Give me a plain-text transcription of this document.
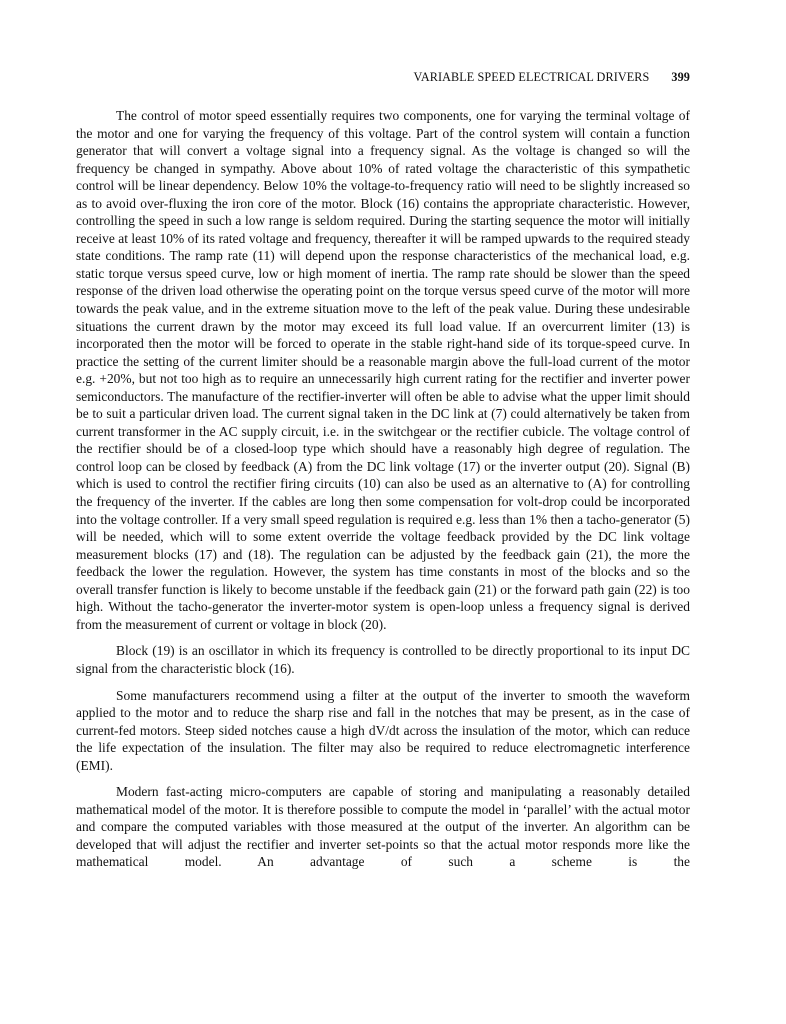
VARIABLE SPEED ELECTRICAL DRIVERS 399

The control of motor speed essentially requires two components, one for varying the terminal voltage of the motor and one for varying the frequency of this voltage. Part of the control system will contain a function generator that will convert a voltage signal into a frequency signal. As the voltage is changed so will the frequency be changed in sympathy. Above about 10% of rated voltage the characteristic of this sympathetic control will be linear dependency. Below 10% the voltage-to-frequency ratio will need to be slightly increased so as to avoid over-fluxing the iron core of the motor. Block (16) contains the appropriate characteristic. However, controlling the speed in such a low range is seldom required. During the starting sequence the motor will initially receive at least 10% of its rated voltage and frequency, thereafter it will be ramped upwards to the required steady state conditions. The ramp rate (11) will depend upon the response characteristics of the mechanical load, e.g. static torque versus speed curve, low or high moment of inertia. The ramp rate should be slower than the speed response of the driven load otherwise the operating point on the torque versus speed curve of the motor will more towards the peak value, and in the extreme situation move to the left of the peak value. During these undesirable situations the current drawn by the motor may exceed its full load value. If an overcurrent limiter (13) is incorporated then the motor will be forced to operate in the stable right-hand side of its torque-speed curve. In practice the setting of the current limiter should be a reasonable margin above the full-load current of the motor e.g. +20%, but not too high as to require an unnecessarily high current rating for the rectifier and inverter power semiconductors. The manufacture of the rectifier-inverter will often be able to advise what the upper limit should be to suit a particular driven load. The current signal taken in the DC link at (7) could alternatively be taken from current transformer in the AC supply circuit, i.e. in the switchgear or the rectifier cubicle. The voltage control of the rectifier should be of a closed-loop type which should have a reasonably high degree of regulation. The control loop can be closed by feedback (A) from the DC link voltage (17) or the inverter output (20). Signal (B) which is used to control the rectifier firing circuits (10) can also be used as an alternative to (A) for controlling the frequency of the inverter. If the cables are long then some compensation for volt-drop could be incorporated into the voltage controller. If a very small speed regulation is required e.g. less than 1% then a tacho-generator (5) will be needed, which will to some extent override the voltage feedback provided by the DC link voltage measurement blocks (17) and (18). The regulation can be adjusted by the feedback gain (21), the more the feedback the lower the regulation. However, the system has time constants in most of the blocks and so the overall transfer function is likely to become unstable if the feedback gain (21) or the forward path gain (22) is too high. Without the tacho-generator the inverter-motor system is open-loop unless a frequency signal is derived from the measurement of current or voltage in block (20).

Block (19) is an oscillator in which its frequency is controlled to be directly proportional to its input DC signal from the characteristic block (16).

Some manufacturers recommend using a filter at the output of the inverter to smooth the waveform applied to the motor and to reduce the sharp rise and fall in the notches that may be present, as in the case of current-fed motors. Steep sided notches cause a high dV/dt across the insulation of the motor, which can reduce the life expectation of the insulation. The filter may also be required to reduce electromagnetic interference (EMI).

Modern fast-acting micro-computers are capable of storing and manipulating a reasonably detailed mathematical model of the motor. It is therefore possible to compute the model in ‘parallel’ with the actual motor and compare the computed variables with those measured at the output of the inverter. An algorithm can be developed that will adjust the rectifier and inverter set-points so that the actual motor responds more like the mathematical model. An advantage of such a scheme is the
